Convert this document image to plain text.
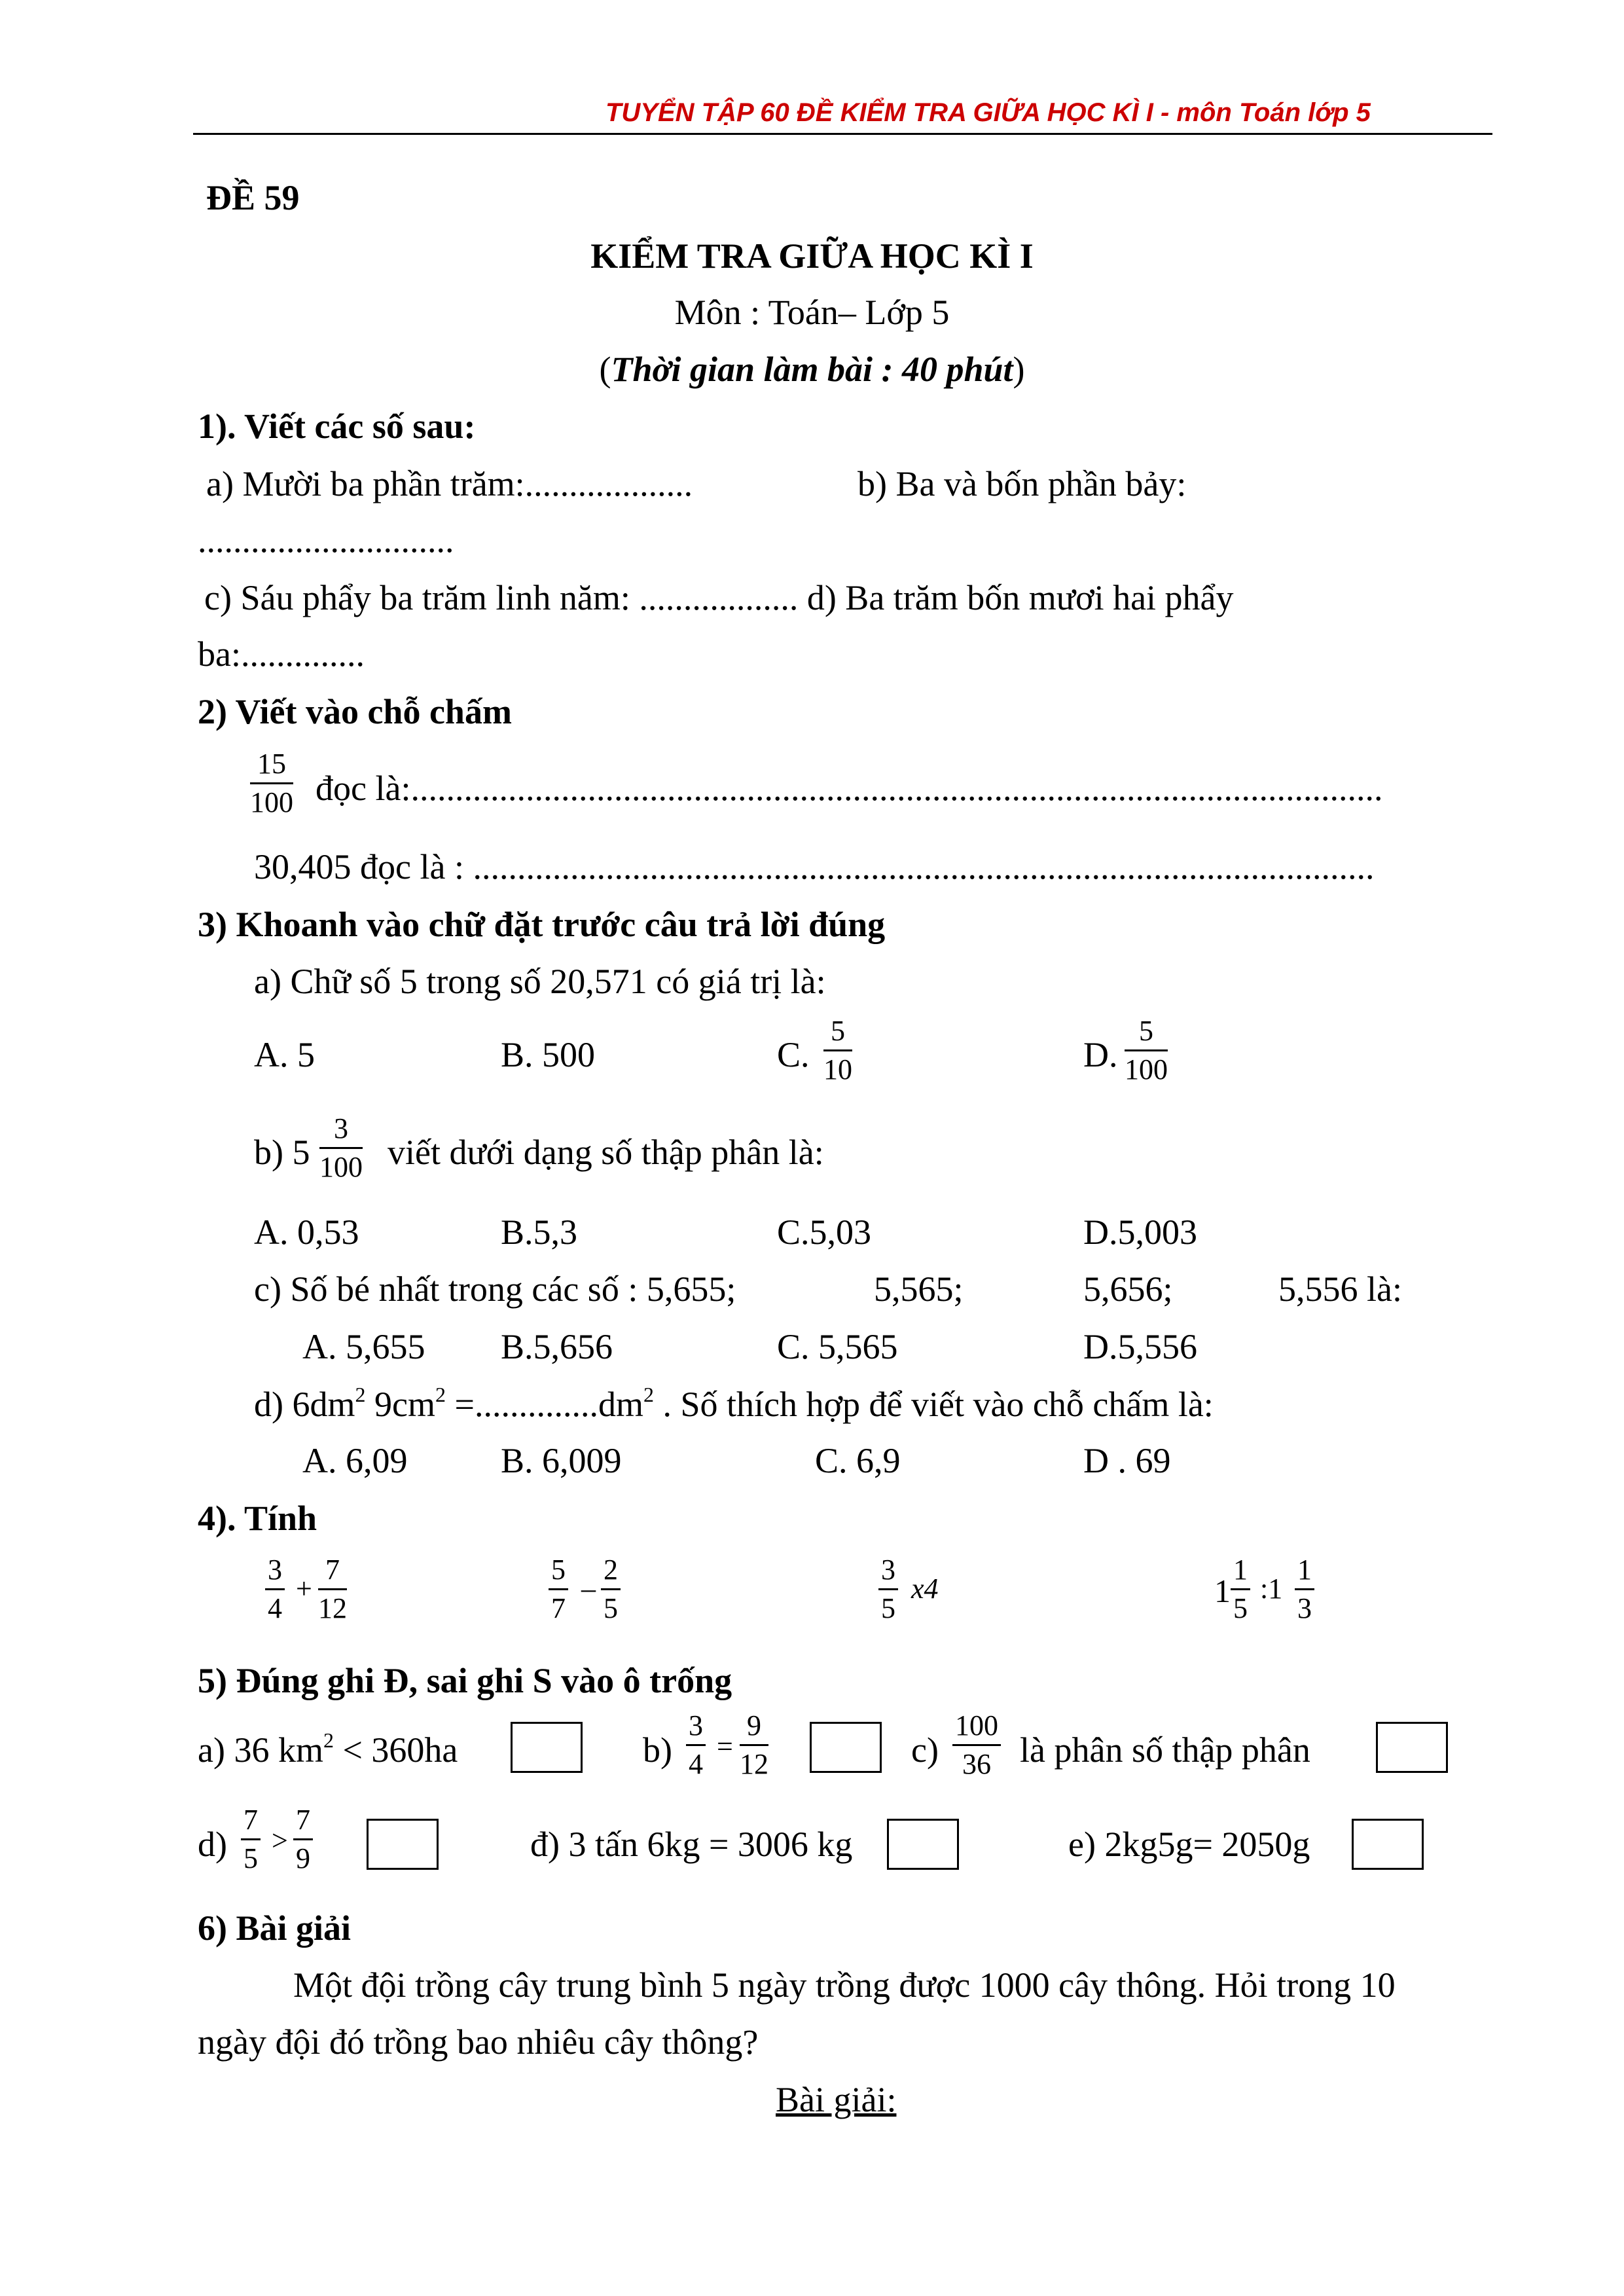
TUYỂN TẬP 60 ĐỀ KIỂM TRA GIỮA HỌC KÌ I - môn Toán lớp 5
ĐỀ 59
KIỂM TRA GIỮA HỌC KÌ I
Môn : Toán– Lớp 5
(Thời gian làm bài : 40 phút)
1). Viết các số sau:
a) Mười ba phần trăm:...................	b) Ba và bốn phần bảy:
.............................
c) Sáu phẩy ba trăm linh năm: .................. d) Ba trăm bốn mươi hai phẩy
ba:..............
2) Viết vào chỗ chấm
$\frac{15}{100}$ đọc là:..............................................................................................................
30,405 đọc là : ......................................................................................................
3) Khoanh vào chữ đặt trước câu trả lời đúng
a) Chữ số 5 trong số 20,571 có giá trị là:
A. 5	B. 500	C. $\frac{5}{10}$	D. $\frac{5}{100}$
b) $5 \frac{3}{100}$ viết dưới dạng số thập phân là:
A. 0,53	B.5,3	C.5,03	D.5,003
c) Số bé nhất trong các số : 5,655;	5,565;	5,656;	5,556 là:
A. 5,655 B.5,656	C. 5,565	D.5,556
d) $6dm^2$ $9cm^2 =..............dm^2$ . Số thích hợp để viết vào chỗ chấm là:
A. 6,09	B. 6,009	C. 6,9	D . 69
4). Tính
$\frac{3}{4} + \frac{7}{12}$	$\frac{5}{7} - \frac{2}{5}$	$\frac{3}{5} x4$	$1 \frac{1}{5}$ :1 $\frac{1}{3}$
5) Đúng ghi Đ, sai ghi S vào ô trống
a) 36 $km^2 < 360ha$	$b) \frac{3}{4} = \frac{9}{12}$	$c) \frac{100}{36}$ là phân số thập phân
$d) \frac{7}{5} > \frac{7}{9}$	đ) 3 tấn 6kg = 3006 kg	e) 2kg5g= 2050g
6) Bài giải
Một đội trồng cây trung bình 5 ngày trồng được 1000 cây thông. Hỏi trong 10
ngày đội đó trồng bao nhiêu cây thông?
Bài giải:
